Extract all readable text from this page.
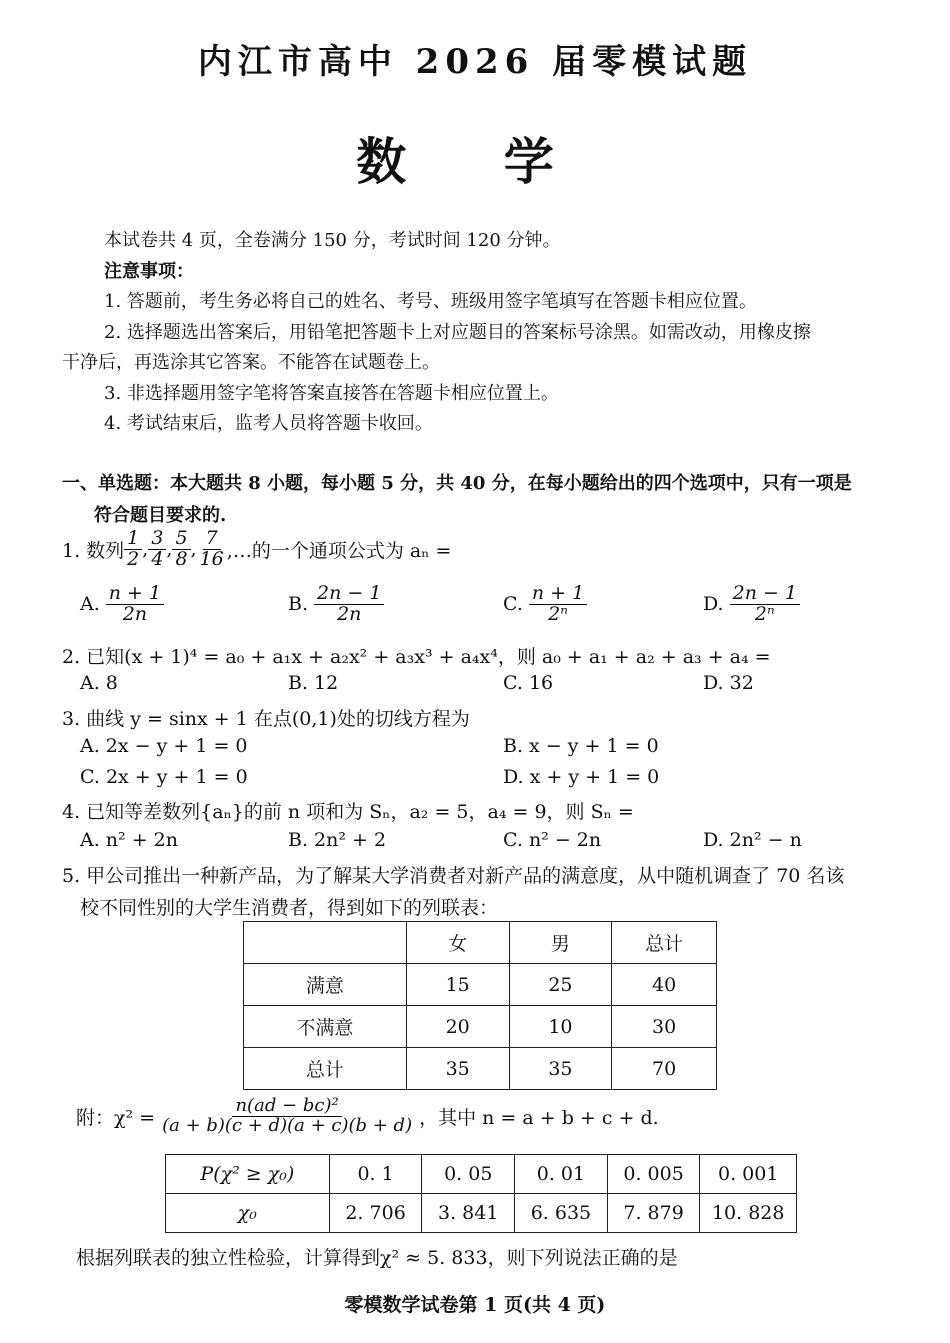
内江市高中 2026 届零模试题
数 学
本试卷共 4 页，全卷满分 150 分，考试时间 120 分钟。
注意事项：
1. 答题前，考生务必将自己的姓名、考号、班级用签字笔填写在答题卡相应位置。
2. 选择题选出答案后，用铅笔把答题卡上对应题目的答案标号涂黑。如需改动，用橡皮擦
干净后，再选涂其它答案。不能答在试题卷上。
3. 非选择题用签字笔将答案直接答在答题卡相应位置上。
4. 考试结束后，监考人员将答题卡收回。
一、单选题：本大题共 8 小题，每小题 5 分，共 40 分，在每小题给出的四个选项中，只有一项是
符合题目要求的.
1. 数列 $\frac{1}{2}$ , $\frac{3}{4}$ , $\frac{5}{8}$ , $\frac{7}{16}$ ,…的一个通项公式为 aₙ =
A. $\frac{n + 1}{2n}$	B. $\frac{2n - 1}{2n}$	C. $\frac{n + 1}{\text{2ⁿ}}$	D. $\frac{2n - 1}{\text{2ⁿ}}$
2. 已知(x + 1)⁴ = a₀ + a₁x + a₂x² + a₃x³ + a₄x⁴，则 a₀ + a₁ + a₂ + a₃ + a₄ =
A. 8	B. 12	C. 16	D. 32
3. 曲线 y = sinx + 1 在点(0,1)处的切线方程为
A. 2x − y + 1 = 0	B. x − y + 1 = 0
C. 2x + y + 1 = 0	D. x + y + 1 = 0
4. 已知等差数列{aₙ}的前 n 项和为 Sₙ，a₂ = 5，a₄ = 9，则 Sₙ =
A. n² + 2n	B. 2n² + 2	C. n² − 2n	D. 2n² − n
5. 甲公司推出一种新产品，为了解某大学消费者对新产品的满意度，从中随机调查了 70 名该
校不同性别的大学生消费者，得到如下的列联表：
	女	男	总计
满意	15	25	40
不满意	20	10	30
总计	35	35	70
附：$\chi^2 = \frac{\text{n(ad − bc)²}}{(a + b)(c + d)(a + c)(b + d)}$ ，其中 n = a + b + c + d.
P(χ² ≥ χ₀)	0. 1	0. 05	0. 01	0. 005	0. 001
χ₀	2. 706	3. 841	6. 635	7. 879	10. 828
根据列联表的独立性检验，计算得到χ² ≈ 5. 833，则下列说法正确的是
零模数学试卷第 1 页(共 4 页)
